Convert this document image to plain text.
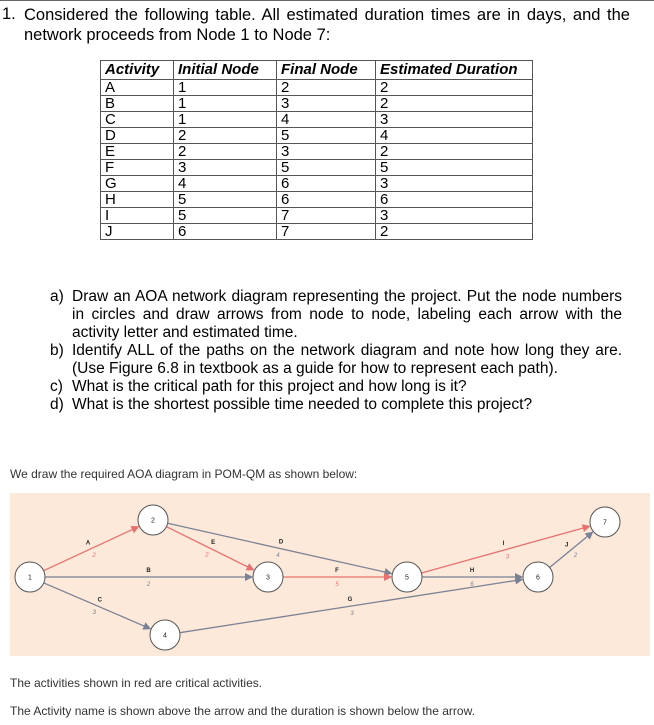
1. Considered the following table. All estimated duration times are in days, and the network proceeds from Node 1 to Node 7:
Activity	Initial Node	Final Node	Estimated Duration
A	1	2	2
B	1	3	2
C	1	4	3
D	2	5	4
E	2	3	2
F	3	5	5
G	4	6	3
H	5	6	6
I	5	7	3
J	6	7	2
a) Draw an AOA network diagram representing the project. Put the node numbers in circles and draw arrows from node to node, labeling each arrow with the activity letter and estimated time.
b) Identify ALL of the paths on the network diagram and note how long they are. (Use Figure 6.8 in textbook as a guide for how to represent each path).
c) What is the critical path for this project and how long is it?
d) What is the shortest possible time needed to complete this project?
We draw the required AOA diagram in POM-QM as shown below:
A
2
B
2
C
3
D
4
E
2
F
5
G
3
H
6
I
3
J
2
1
2
3
4
5	6
7
The activities shown in red are critical activities.
The Activity name is shown above the arrow and the duration is shown below the arrow.
